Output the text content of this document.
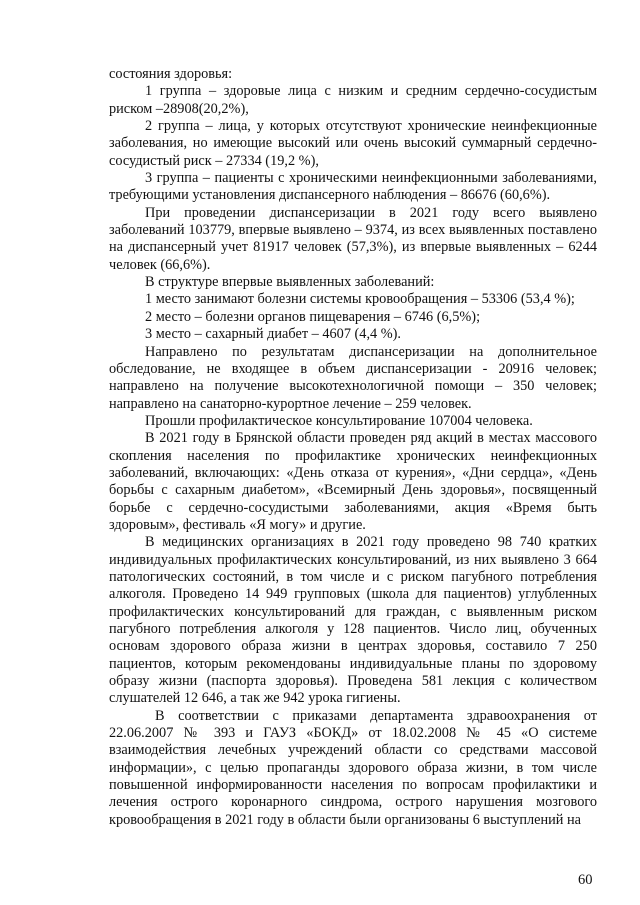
состояния здоровья:

1 группа – здоровые лица с низким и средним сердечно-сосудистым риском –28908(20,2%),

2 группа – лица, у которых отсутствуют хронические неинфекционные заболевания, но имеющие высокий или очень высокий суммарный сердечно-сосудистый риск – 27334 (19,2 %),

3 группа – пациенты с хроническими неинфекционными заболеваниями, требующими установления диспансерного наблюдения – 86676 (60,6%).

При проведении диспансеризации в 2021 году всего выявлено заболеваний 103779, впервые выявлено – 9374, из всех выявленных поставлено на диспансерный учет 81917 человек (57,3%), из впервые выявленных – 6244 человек (66,6%).

В структуре впервые выявленных заболеваний:

1 место занимают болезни системы кровообращения – 53306 (53,4 %);

2 место – болезни органов пищеварения – 6746 (6,5%);

3 место – сахарный диабет – 4607 (4,4 %).

Направлено по результатам диспансеризации на дополнительное обследование, не входящее в объем диспансеризации - 20916 человек; направлено на получение высокотехнологичной помощи – 350 человек; направлено на санаторно-курортное лечение – 259 человек.

Прошли профилактическое консультирование 107004 человека.

В 2021 году в Брянской области проведен ряд акций в местах массового скопления населения по профилактике хронических неинфекционных заболеваний, включающих: «День отказа от курения», «Дни сердца», «День борьбы с сахарным диабетом», «Всемирный День здоровья», посвященный борьбе с сердечно-сосудистыми заболеваниями, акция «Время быть здоровым», фестиваль «Я могу» и другие.

В медицинских организациях в 2021 году проведено 98 740 кратких индивидуальных профилактических консультирований, из них выявлено 3 664 патологических состояний, в том числе и с риском пагубного потребления алкоголя. Проведено 14 949 групповых (школа для пациентов) углубленных профилактических консультирований для граждан, с выявленным риском пагубного потребления алкоголя у 128 пациентов. Число лиц, обученных основам здорового образа жизни в центрах здоровья, составило 7 250 пациентов, которым рекомендованы индивидуальные планы по здоровому образу жизни (паспорта здоровья). Проведена 581 лекция с количеством слушателей 12 646, а так же 942 урока гигиены.

В соответствии с приказами департамента здравоохранения от 22.06.2007 № 393 и ГАУЗ «БОКД» от 18.02.2008 № 45 «О системе взаимодействия лечебных учреждений области со средствами массовой информации», с целью пропаганды здорового образа жизни, в том числе повышенной информированности населения по вопросам профилактики и лечения острого коронарного синдрома, острого нарушения мозгового кровообращения в 2021 году в области были организованы 6 выступлений на

60
